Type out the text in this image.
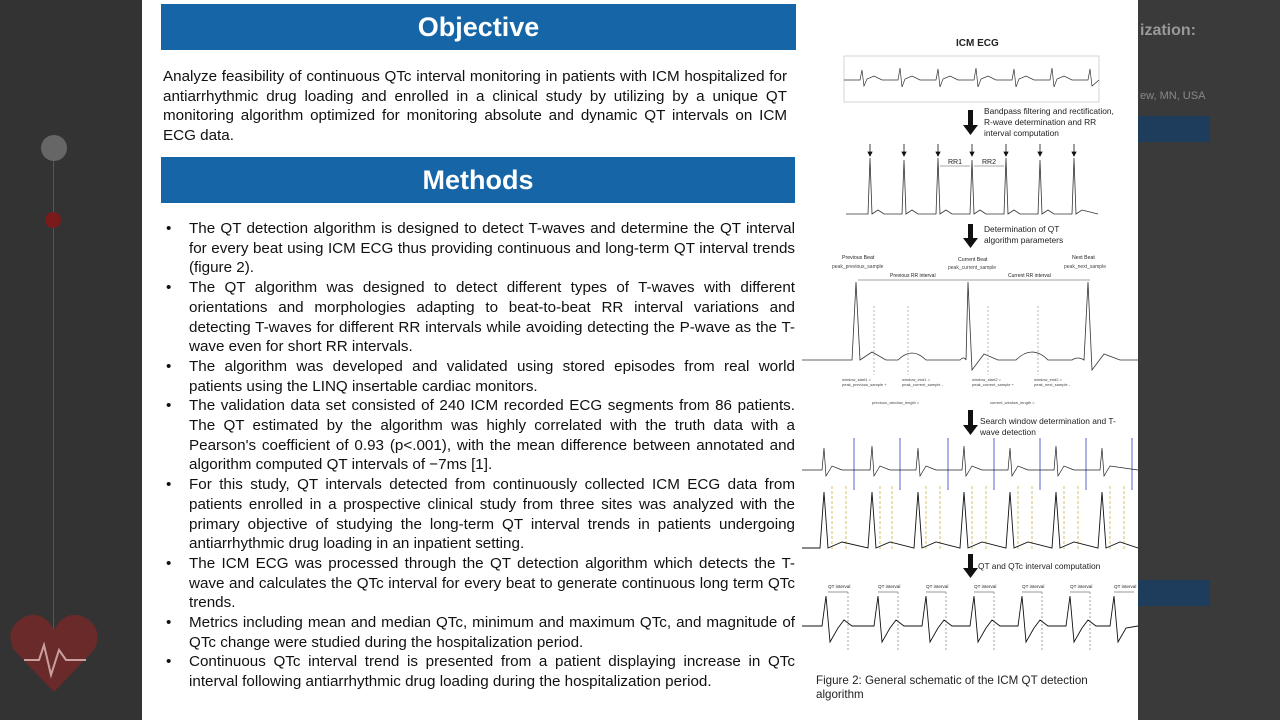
ization:
ew, MN, USA
Objective
Analyze feasibility of continuous QTc interval monitoring in patients with ICM hospitalized for antiarrhythmic drug loading and enrolled in a clinical study by utilizing by a unique QT monitoring algorithm optimized for monitoring absolute and dynamic QT intervals on ICM ECG data.
Methods
• The QT detection algorithm is designed to detect T-waves and determine the QT interval for every beat using ICM ECG thus providing continuous and long-term QT interval trends (figure 2).
• The QT algorithm was designed to detect different types of T-waves with different orientations and morphologies adapting to beat-to-beat RR interval variations and detecting T-waves for different RR intervals while avoiding detecting the P-wave as the T-wave even for short RR intervals.
• The algorithm was developed and validated using stored episodes from real world patients using the LINQ insertable cardiac monitors.
• The validation data set consisted of 240 ICM recorded ECG segments from 86 patients. The QT estimated by the algorithm was highly correlated with the truth data with a Pearson's coefficient of 0.93 (p<.001), with the mean difference between annotated and algorithm computed QT intervals of −7ms [1].
• For this study, QT intervals detected from continuously collected ICM ECG data from patients enrolled in a prospective clinical study from three sites was analyzed with the primary objective of studying the long-term QT interval trends in patients undergoing antiarrhythmic drug loading in an inpatient setting.
• The ICM ECG was processed through the QT detection algorithm which detects the T-wave and calculates the QTc interval for every beat to generate continuous long term QTc trends.
• Metrics including mean and median QTc, minimum and maximum QTc, and magnitude of QTc change were studied during the hospitalization period.
• Continuous QTc interval trend is presented from a patient displaying increase in QTc interval following antiarrhythmic drug loading during the hospitalization period.
ICM ECG
Bandpass filtering and rectification,
R-wave determination and RR
interval computation
RR1	RR2
Determination of QT
algorithm parameters
Previous Beat
peak_previous_sample
Current Beat
peak_current_sample
Next Beat
peak_next_sample
Previous RR interval	Current RR interval
window_start1 =
peak_previous_sample +
window_end1 =
peak_current_sample -
window_start2 =
peak_current_sample +
window_end2 =
peak_next_sample -
previous_window_length =	current_window_length =
Search window determination and T-
wave detection
QT and QTc interval computation
QT interval	QT interval	QT interval	QT interval	QT interval	QT interval	QT interval
Figure 2: General schematic of the ICM QT detection algorithm
